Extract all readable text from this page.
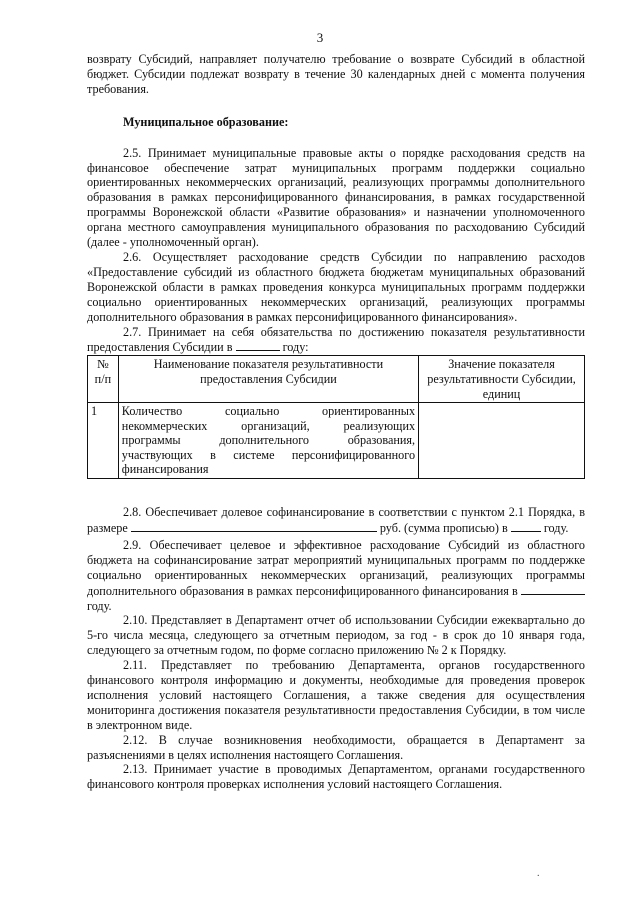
3

возврату Субсидий, направляет получателю требование о возврате Субсидий в областной бюджет. Субсидии подлежат возврату в течение 30 календарных дней с момента получения требования.

Муниципальное образование:

2.5. Принимает муниципальные правовые акты о порядке расходования средств на финансовое обеспечение затрат муниципальных программ поддержки социально ориентированных некоммерческих организаций, реализующих программы дополнительного образования в рамках персонифицированного финансирования, в рамках государственной программы Воронежской области «Развитие образования» и назначении уполномоченного органа местного самоуправления муниципального образования по расходованию Субсидий (далее - уполномоченный орган).

2.6. Осуществляет расходование средств Субсидии по направлению расходов «Предоставление субсидий из областного бюджета бюджетам муниципальных образований Воронежской области в рамках проведения конкурса муниципальных программ поддержки социально ориентированных некоммерческих организаций, реализующих программы дополнительного образования в рамках персонифицированного финансирования».

2.7. Принимает на себя обязательства по достижению показателя результативности предоставления Субсидии в	году:

№ п/п	Наименование показателя результативности предоставления Субсидии	Значение показателя результативности Субсидии, единиц
1	Количество социально ориентированных некоммерческих организаций, реализующих программы дополнительного образования, участвующих в системе персонифицированного финансирования	

2.8. Обеспечивает долевое софинансирование в соответствии с пунктом 2.1 Порядка, в размере	руб. (сумма прописью) в	году.

2.9. Обеспечивает целевое и эффективное расходование Субсидий из областного бюджета на софинансирование затрат мероприятий муниципальных программ по поддержке социально ориентированных некоммерческих организаций, реализующих программы дополнительного образования в рамках персонифицированного финансирования в  году.

2.10. Представляет в Департамент отчет об использовании Субсидии ежеквартально до 5-го числа месяца, следующего за отчетным периодом, за год - в срок до 10 января года, следующего за отчетным годом, по форме согласно приложению № 2 к Порядку.

2.11. Представляет по требованию Департамента, органов государственного финансового контроля информацию и документы, необходимые для проведения проверок исполнения условий настоящего Соглашения, а также сведения для осуществления мониторинга достижения показателя результативности предоставления Субсидии, в том числе в электронном виде.

2.12. В случае возникновения необходимости, обращается в Департамент за разъяснениями в целях исполнения настоящего Соглашения.

2.13. Принимает участие в проводимых Департаментом, органами государственного финансового контроля проверках исполнения условий настоящего Соглашения.

.
